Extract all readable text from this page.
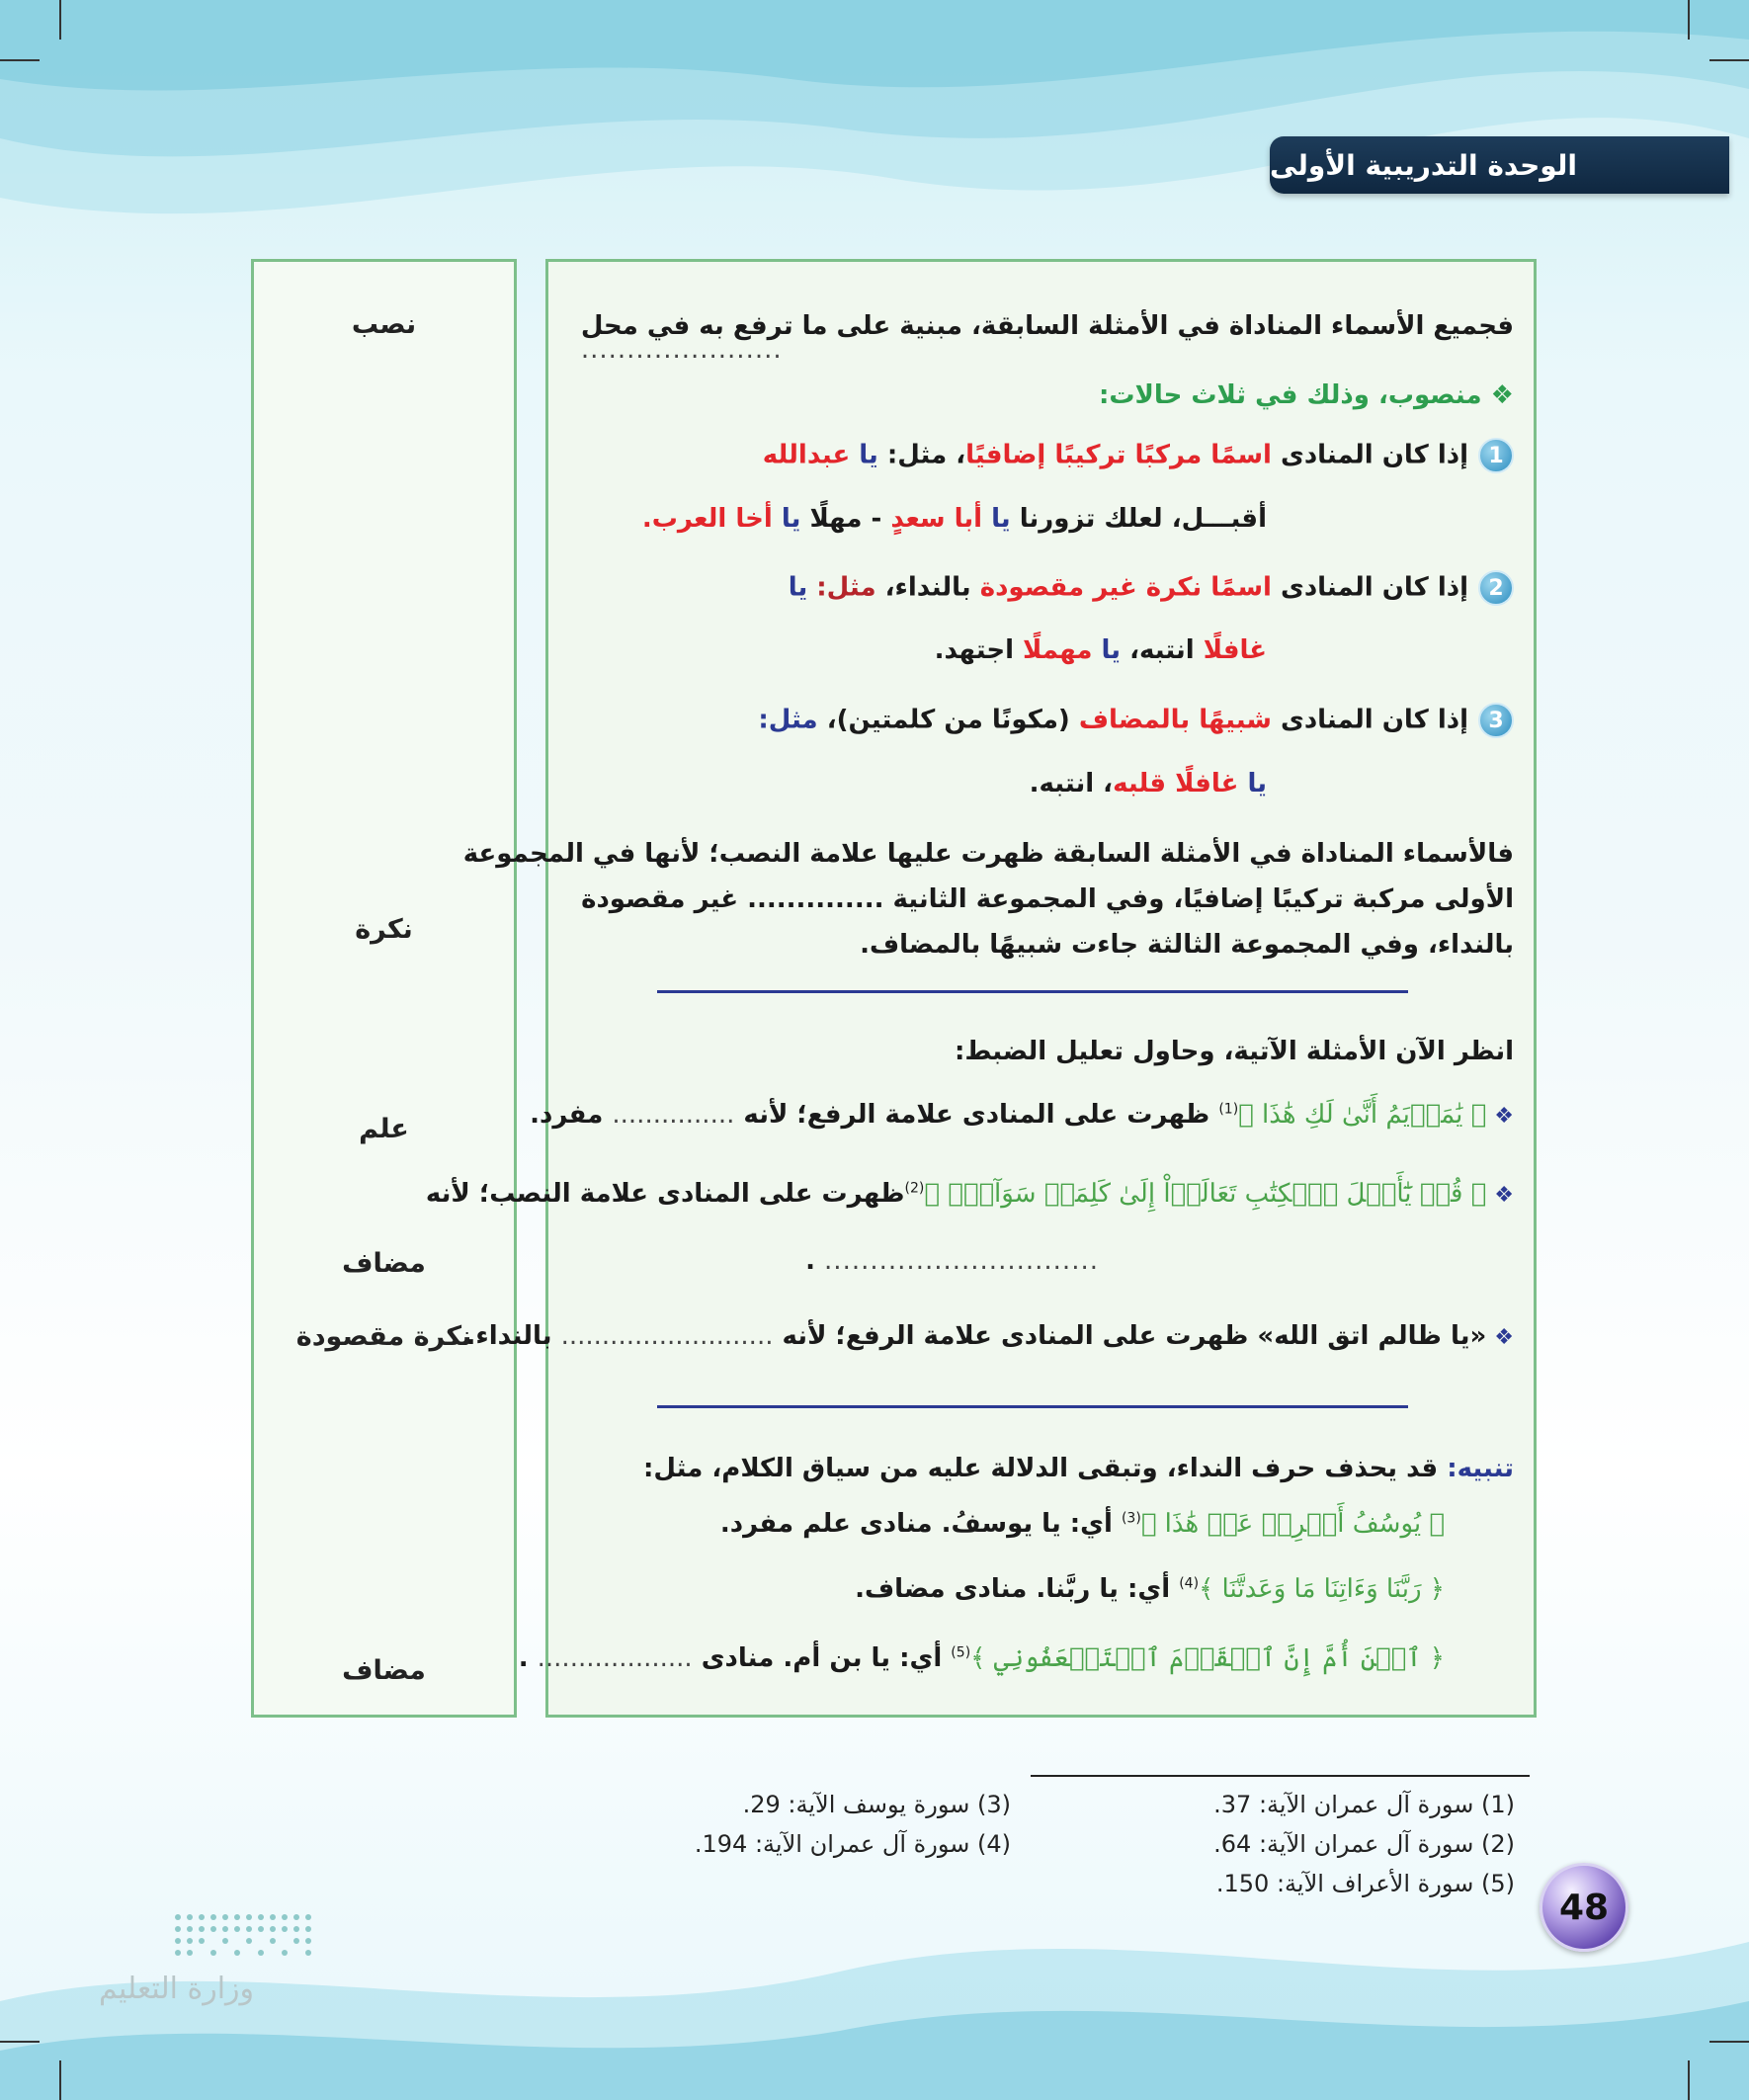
الوحدة التدريبية الأولى
نصب
نكرة
علم
مضاف
نكرة مقصودة
مضاف
فجميع الأسماء المناداة في الأمثلة السابقة، مبنية على ما ترفع به في محل

......................
❖ منصوب، وذلك في ثلاث حالات:
1إذا كان المنادى اسمًا مركبًا تركيبًا إضافيًا، مثل: يا عبدالله
أقبـــل، لعلك تزورنا يا أبا سعدٍ - مهلًا يا أخا العرب.
2إذا كان المنادى اسمًا نكرة غير مقصودة بالنداء، مثل: يا
غافلًا انتبه، يا مهملًا اجتهد.
3إذا كان المنادى شبيهًا بالمضاف (مكونًا من كلمتين)، مثل:
يا غافلًا قلبه، انتبه.
فالأسماء المناداة في الأمثلة السابقة ظهرت عليها علامة النصب؛ لأنها في المجموعة
الأولى مركبة تركيبًا إضافيًا، وفي المجموعة الثانية .............. غير مقصودة
بالنداء، وفي المجموعة الثالثة جاءت شبيهًا بالمضاف.
انظر الآن الأمثلة الآتية، وحاول تعليل الضبط:
❖﴿ يَٰمَرۡيَمُ أَنَّىٰ لَكِ هَٰذَا ﴾$^{(1)}$ ظهرت على المنادى علامة الرفع؛ لأنه ............... مفرد.
❖﴿ قُلۡ يَٰٓأَهۡلَ ٱلۡكِتَٰبِ تَعَالَوۡاْ إِلَىٰ كَلِمَةٖ سَوَآءِۭ ﴾$^{(2)}$ظهرت على المنادى علامة النصب؛ لأنه
.............................. .
❖«يا ظالم اتق الله» ظهرت على المنادى علامة الرفع؛ لأنه .......................... بالنداء.
تنبيه: قد يحذف حرف النداء، وتبقى الدلالة عليه من سياق الكلام، مثل:
﴿ يُوسُفُ أَعۡرِضۡ عَنۡ هَٰذَا ﴾$^{(3)}$ أي: يا يوسفُ. منادى علم مفرد.
﴿ رَبَّنَا وَءَاتِنَا مَا وَعَدتَّنَا ﴾$^{(4)}$ أي: يا ربَّنا. منادى مضاف.
﴿ ٱبۡنَ أُمَّ إِنَّ ٱلۡقَوۡمَ ٱسۡتَضۡعَفُونِي ﴾$^{(5)}$ أي: يا بن أم. منادى ................... .
(1) سورة آل عمران الآية: 37.
(2) سورة آل عمران الآية: 64.
(5) سورة الأعراف الآية: 150.
(3) سورة يوسف الآية: 29.
(4) سورة آل عمران الآية: 194.
48
وزارة التعليم
